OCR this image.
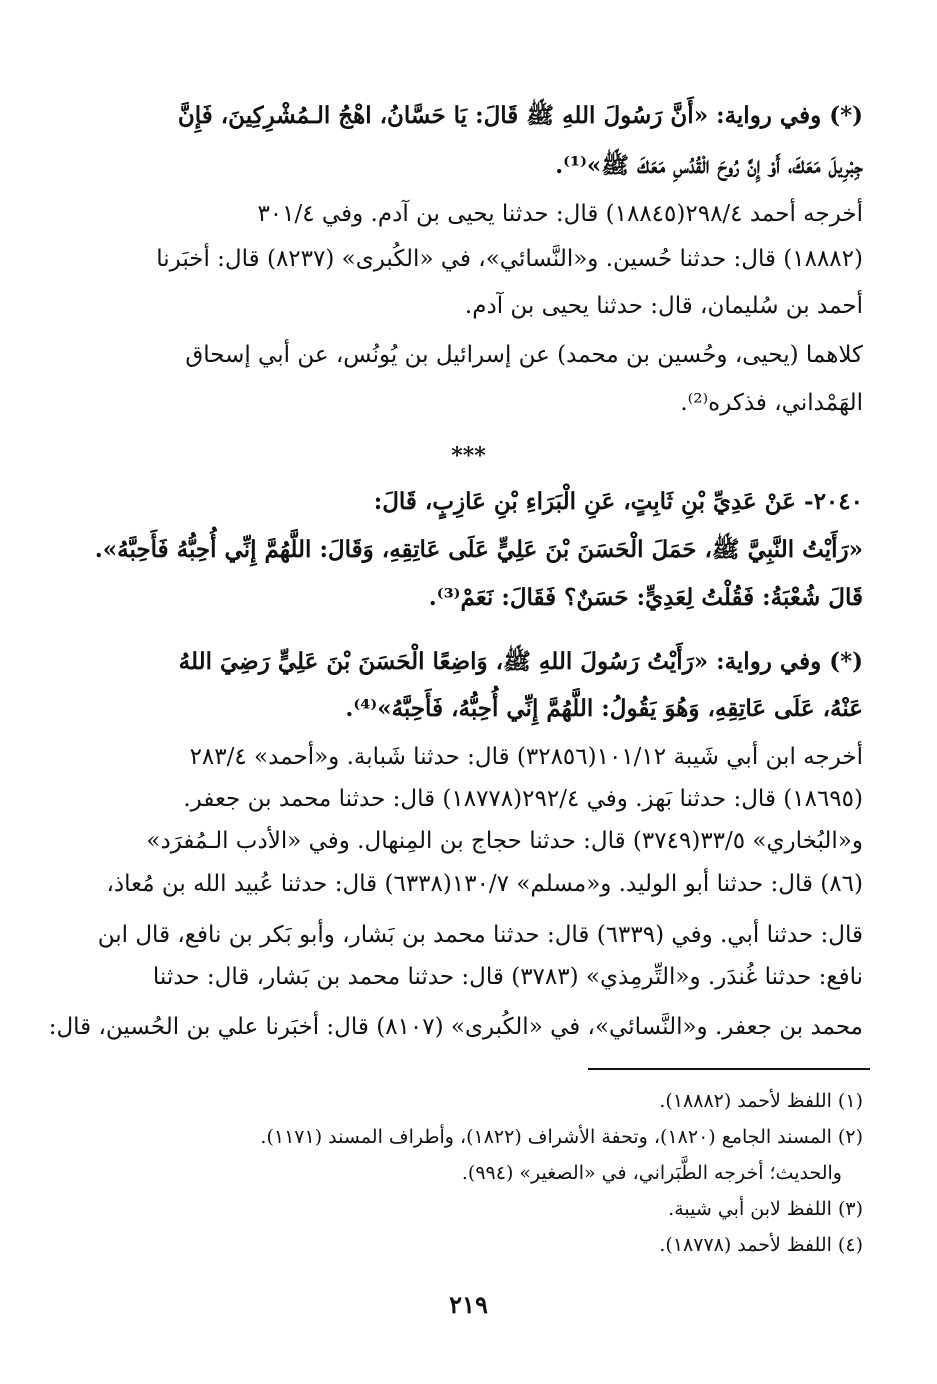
(*) وفي رواية: «أَنَّ رَسُولَ اللهِ ﷺ قَالَ: يَا حَسَّانُ، اهْجُ الـمُشْرِكِينَ، فَإِنَّ
جِبْرِيلَ مَعَكَ، أَوْ إِنَّ رُوحَ الْقُدُسِ مَعَكَ ﷺ»⁽¹⁾.
أخرجه أحمد ٢٩٨/٤(١٨٨٤٥) قال: حدثنا يحيى بن آدم. وفي ٣٠١/٤
(١٨٨٨٢) قال: حدثنا حُسين. و«النَّسائي»، في «الكُبرى» (٨٢٣٧) قال: أخبَرنا
أحمد بن سُليمان، قال: حدثنا يحيى بن آدم.
كلاهما (يحيى، وحُسين بن محمد) عن إسرائيل بن يُونُس، عن أبي إسحاق
الهَمْداني، فذكره⁽²⁾.
***
٢٠٤٠- عَنْ عَدِيِّ بْنِ ثَابِتٍ، عَنِ الْبَرَاءِ بْنِ عَازِبٍ، قَالَ:
«رَأَيْتُ النَّبِيَّ ﷺ، حَمَلَ الْحَسَنَ بْنَ عَلِيٍّ عَلَى عَاتِقِهِ، وَقَالَ: اللَّهُمَّ إِنِّي أُحِبُّهُ فَأَحِبَّهُ».
قَالَ شُعْبَةُ: فَقُلْتُ لِعَدِيٍّ: حَسَنٌ؟ فَقَالَ: نَعَمْ⁽³⁾.
(*) وفي رواية: «رَأَيْتُ رَسُولَ اللهِ ﷺ، وَاضِعًا الْحَسَنَ بْنَ عَلِيٍّ رَضِيَ اللهُ
عَنْهُ، عَلَى عَاتِقِهِ، وَهُوَ يَقُولُ: اللَّهُمَّ إِنِّي أُحِبُّهُ، فَأَحِبَّهُ»⁽⁴⁾.
أخرجه ابن أبي شَيبة ١٠١/١٢(٣٢٨٥٦) قال: حدثنا شَبابة. و«أحمد» ٢٨٣/٤
(١٨٦٩٥) قال: حدثنا بَهز. وفي ٢٩٢/٤(١٨٧٧٨) قال: حدثنا محمد بن جعفر.
و«البُخاري» ٣٣/٥(٣٧٤٩) قال: حدثنا حجاج بن المِنهال. وفي «الأدب الـمُفرَد»
(٨٦) قال: حدثنا أبو الوليد. و«مسلم» ١٣٠/٧(٦٣٣٨) قال: حدثنا عُبيد الله بن مُعاذ،
قال: حدثنا أبي. وفي (٦٣٣٩) قال: حدثنا محمد بن بَشار، وأبو بَكر بن نافع، قال ابن
نافع: حدثنا غُندَر. و«التِّرمِذي» (٣٧٨٣) قال: حدثنا محمد بن بَشار، قال: حدثنا
محمد بن جعفر. و«النَّسائي»، في «الكُبرى» (٨١٠٧) قال: أخبَرنا علي بن الحُسين، قال:
(١) اللفظ لأحمد (١٨٨٨٢).
(٢) المسند الجامع (١٨٢٠)، وتحفة الأشراف (١٨٢٢)، وأطراف المسند (١١٧١).
والحديث؛ أخرجه الطَّبَراني، في «الصغير» (٩٩٤).
(٣) اللفظ لابن أبي شيبة.
(٤) اللفظ لأحمد (١٨٧٧٨).
٢١٩
